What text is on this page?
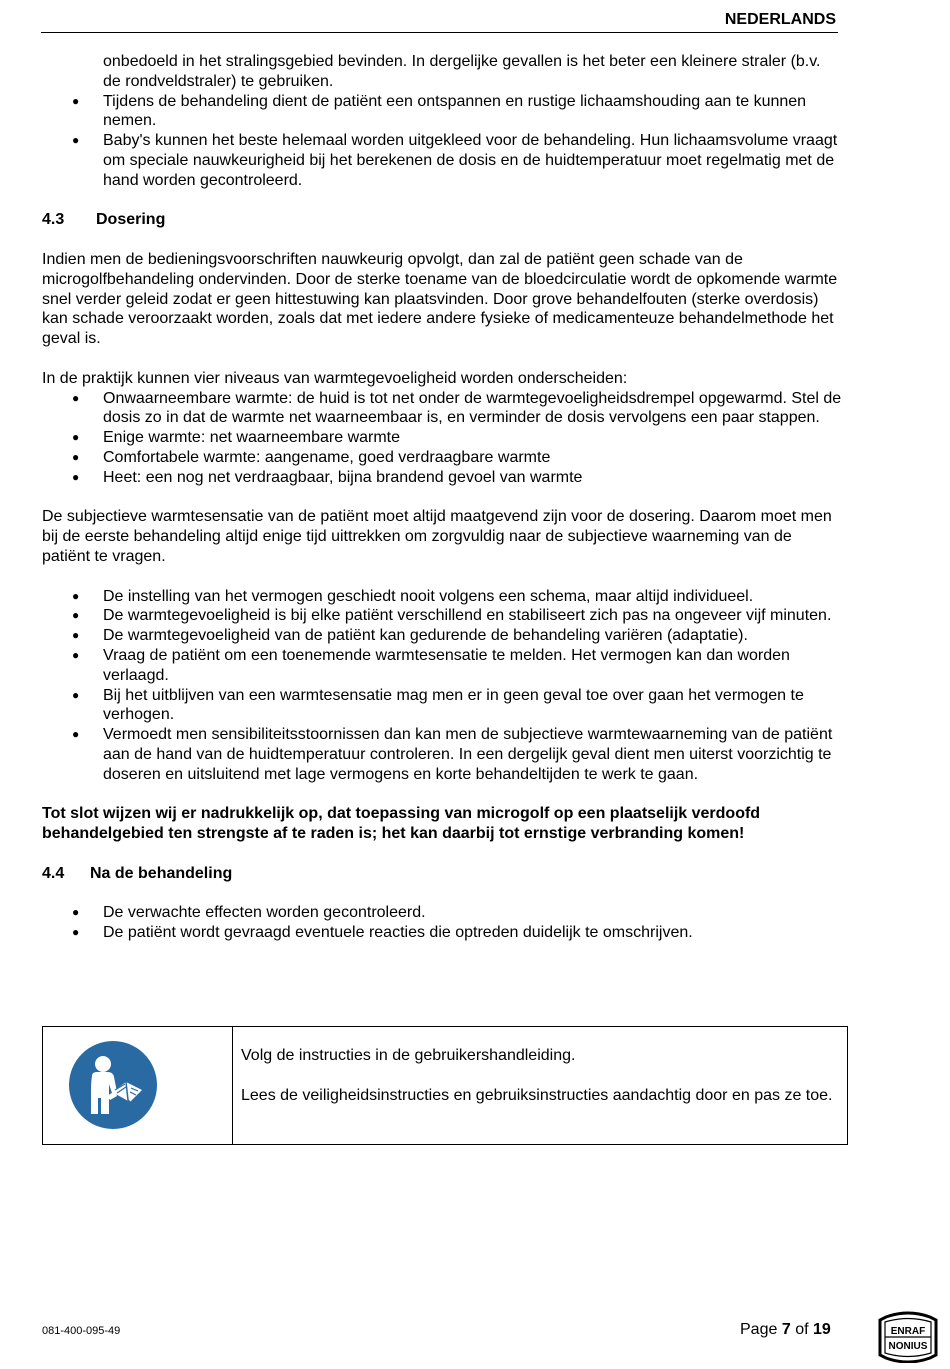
NEDERLANDS
onbedoeld in het stralingsgebied bevinden. In dergelijke gevallen is het beter een kleinere straler (b.v. de rondveldstraler) te gebruiken.
● Tijdens de behandeling dient de patiënt een ontspannen en rustige lichaamshouding aan te kunnen nemen.
● Baby's kunnen het beste helemaal worden uitgekleed voor de behandeling. Hun lichaamsvolume vraagt om speciale nauwkeurigheid bij het berekenen de dosis en de huidtemperatuur moet regelmatig met de hand worden gecontroleerd.

4.3 Dosering

Indien men de bedieningsvoorschriften nauwkeurig opvolgt, dan zal de patiënt geen schade van de microgolfbehandeling ondervinden. Door de sterke toename van de bloedcirculatie wordt de opkomende warmte snel verder geleid zodat er geen hittestuwing kan plaatsvinden. Door grove behandelfouten (sterke overdosis) kan schade veroorzaakt worden, zoals dat met iedere andere fysieke of medicamenteuze behandelmethode het geval is.

In de praktijk kunnen vier niveaus van warmtegevoeligheid worden onderscheiden:

● Onwaarneembare warmte: de huid is tot net onder de warmtegevoeligheidsdrempel opgewarmd. Stel de dosis zo in dat de warmte net waarneembaar is, en verminder de dosis vervolgens een paar stappen.
● Enige warmte: net waarneembare warmte
● Comfortabele warmte: aangename, goed verdraagbare warmte
● Heet: een nog net verdraagbaar, bijna brandend gevoel van warmte

De subjectieve warmtesensatie van de patiënt moet altijd maatgevend zijn voor de dosering. Daarom moet men bij de eerste behandeling altijd enige tijd uittrekken om zorgvuldig naar de subjectieve waarneming van de patiënt te vragen.

● De instelling van het vermogen geschiedt nooit volgens een schema, maar altijd individueel.
● De warmtegevoeligheid is bij elke patiënt verschillend en stabiliseert zich pas na ongeveer vijf minuten.
● De warmtegevoeligheid van de patiënt kan gedurende de behandeling variëren (adaptatie).
● Vraag de patiënt om een toenemende warmtesensatie te melden. Het vermogen kan dan worden verlaagd.
● Bij het uitblijven van een warmtesensatie mag men er in geen geval toe over gaan het vermogen te verhogen.
● Vermoedt men sensibiliteitsstoornissen dan kan men de subjectieve warmtewaarneming van de patiënt aan de hand van de huidtemperatuur controleren. In een dergelijk geval dient men uiterst voorzichtig te doseren en uitsluitend met lage vermogens en korte behandeltijden te werk te gaan.

Tot slot wijzen wij er nadrukkelijk op, dat toepassing van microgolf op een plaatselijk verdoofd behandelgebied ten strengste af te raden is; het kan daarbij tot ernstige verbranding komen!

4.4 Na de behandeling

● De verwachte effecten worden gecontroleerd.
● De patiënt wordt gevraagd eventuele reacties die optreden duidelijk te omschrijven.

Volg de instructies in de gebruikershandleiding.

Lees de veiligheidsinstructies en gebruiksinstructies aandachtig door en pas ze toe.

081-400-095-49	Page 7 of 19	ENRAF
NONIUS
